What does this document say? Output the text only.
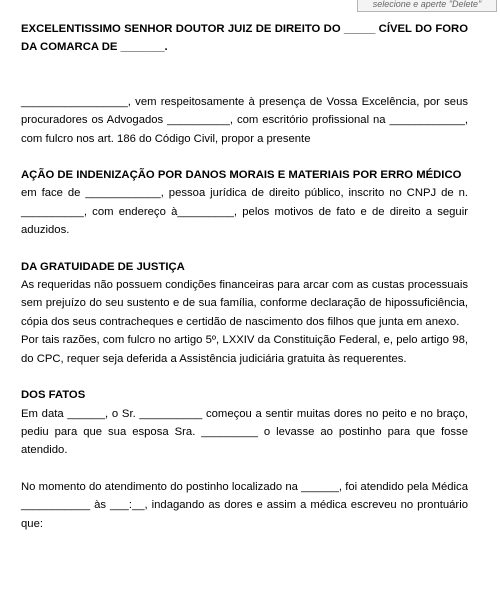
selecione e aperte "Delete"

EXCELENTISSIMO SENHOR DOUTOR JUIZ DE DIREITO DO _____ CÍVEL DO FORO DA COMARCA DE _______.

_________________, vem respeitosamente à presença de Vossa Excelência, por seus procuradores os Advogados __________, com escritório profissional na ____________, com fulcro nos art. 186 do Código Civil, propor a presente

AÇÃO DE INDENIZAÇÃO POR DANOS MORAIS E MATERIAIS POR ERRO MÉDICO

em face de ____________, pessoa jurídica de direito público, inscrito no CNPJ de n. __________, com endereço à_________, pelos motivos de fato e de direito a seguir aduzidos.

DA GRATUIDADE DE JUSTIÇA

As requeridas não possuem condições financeiras para arcar com as custas processuais sem prejuízo do seu sustento e de sua família, conforme declaração de hipossuficiência, cópia dos seus contracheques e certidão de nascimento dos filhos que junta em anexo.

Por tais razões, com fulcro no artigo 5º, LXXIV da Constituição Federal, e, pelo artigo 98, do CPC, requer seja deferida a Assistência judiciária gratuita às requerentes.

DOS FATOS

Em data ______, o Sr. __________ começou a sentir muitas dores no peito e no braço, pediu para que sua esposa Sra. _________ o levasse ao postinho para que fosse atendido.

No momento do atendimento do postinho localizado na ______, foi atendido pela Médica ___________ às ___:__, indagando as dores e assim a médica escreveu no prontuário que:
